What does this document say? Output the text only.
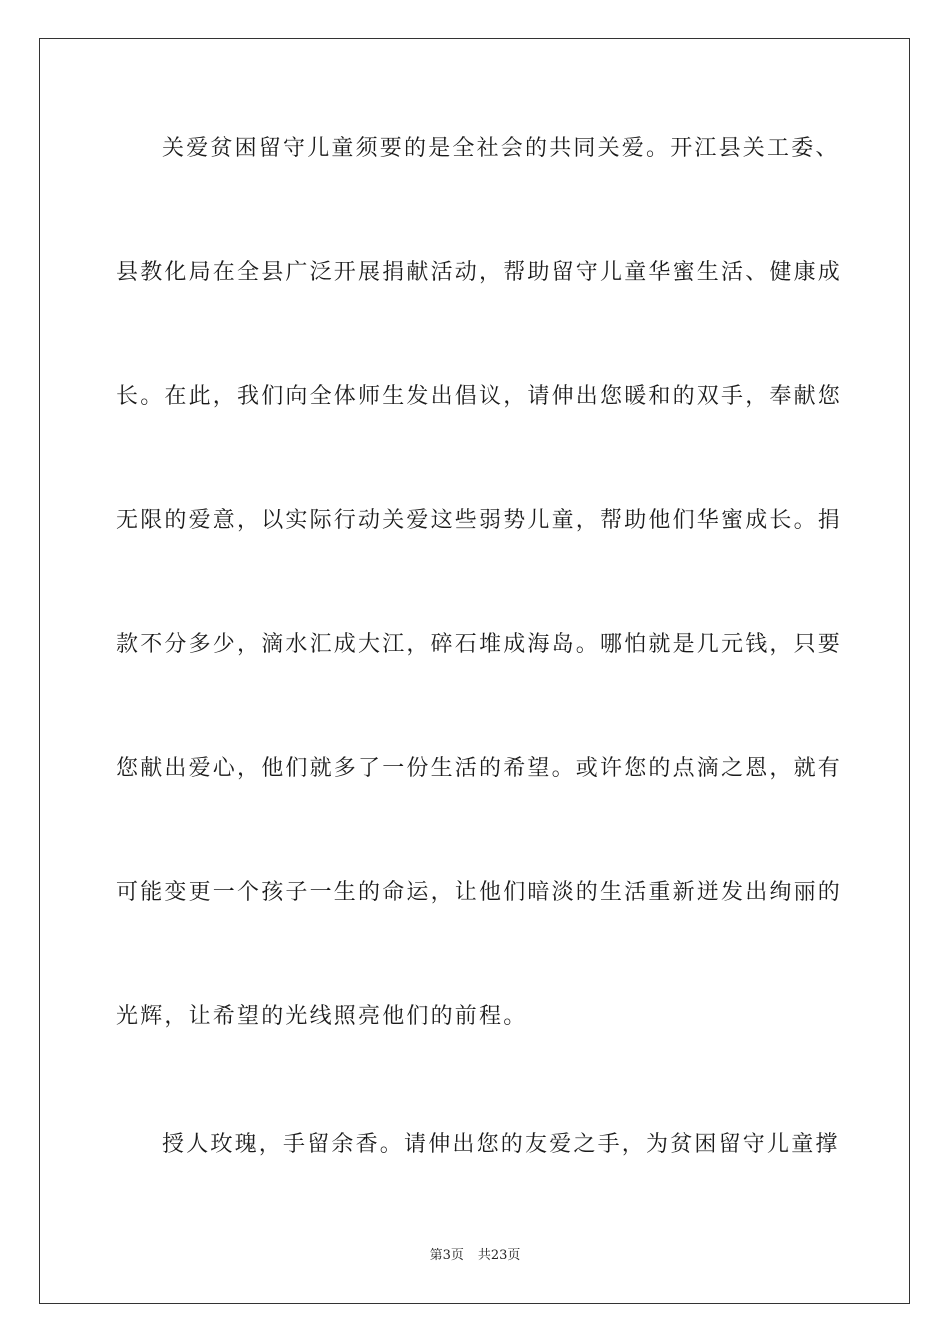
关爱贫困留守儿童须要的是全社会的共同关爱。开江县关工委、
县教化局在全县广泛开展捐献活动，帮助留守儿童华蜜生活、健康成
长。在此，我们向全体师生发出倡议，请伸出您暖和的双手，奉献您
无限的爱意，以实际行动关爱这些弱势儿童，帮助他们华蜜成长。捐
款不分多少，滴水汇成大江，碎石堆成海岛。哪怕就是几元钱，只要
您献出爱心，他们就多了一份生活的希望。或许您的点滴之恩，就有
可能变更一个孩子一生的命运，让他们暗淡的生活重新迸发出绚丽的
光辉，让希望的光线照亮他们的前程。
授人玫瑰，手留余香。请伸出您的友爱之手，为贫困留守儿童撑
第3页 共23页
